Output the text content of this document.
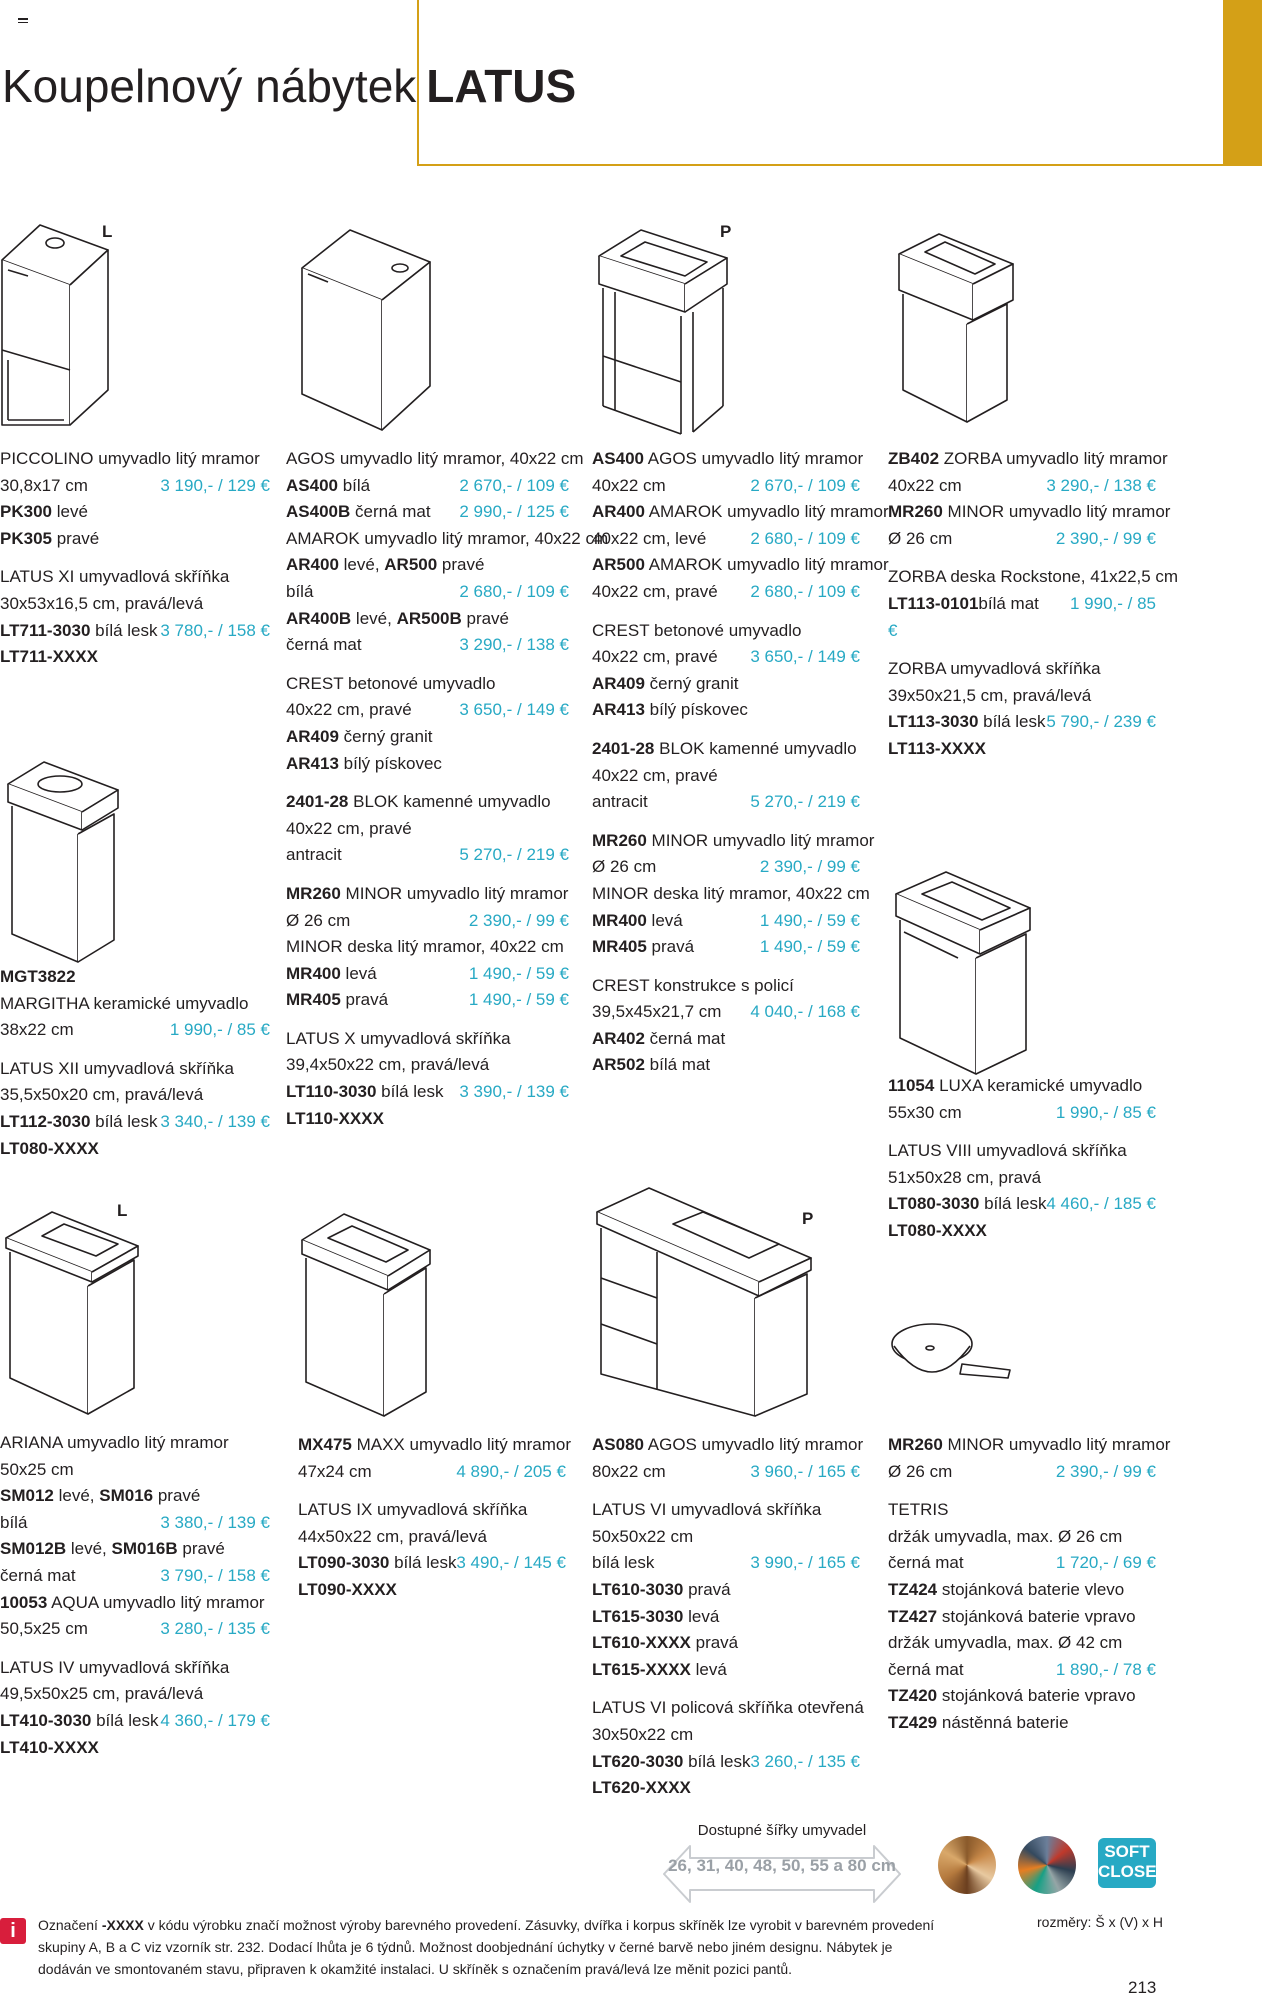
Koupelnový nábytek LATUS
L	P
L	P
PICCOLINO umyvadlo litý mramor
30,8x17 cm	3 190,- / 129 €
PK300 levé
PK305 pravé
LATUS XI umyvadlová skříňka
30x53x16,5 cm, pravá/levá
LT711-3030 bílá lesk 3 780,- / 158 €
LT711-XXXX
MGT3822
MARGITHA keramické umyvadlo
38x22 cm	1 990,- / 85 €
LATUS XII umyvadlová skříňka
35,5x50x20 cm, pravá/levá
LT112-3030 bílá lesk 3 340,- / 139 €
LT080-XXXX
AGOS umyvadlo litý mramor, 40x22 cm
AS400 bílá	2 670,- / 109 €
AS400B černá mat 2 990,- / 125 €
AMAROK umyvadlo litý mramor, 40x22 cm
AR400 levé, AR500 pravé
bílá	2 680,- / 109 €
AR400B levé, AR500B pravé
černá mat	3 290,- / 138 €
CREST betonové umyvadlo
40x22 cm, pravé	3 650,- / 149 €
AR409 černý granit
AR413 bílý pískovec
2401-28 BLOK kamenné umyvadlo
40x22 cm, pravé
antracit	5 270,- / 219 €
MR260 MINOR umyvadlo litý mramor
Ø 26 cm	2 390,- / 99 €
MINOR deska litý mramor, 40x22 cm
MR400 levá	1 490,- / 59 €
MR405 pravá	1 490,- / 59 €
LATUS X umyvadlová skříňka
39,4x50x22 cm, pravá/levá
LT110-3030 bílá lesk 3 390,- / 139 €
LT110-XXXX
AS400 AGOS umyvadlo litý mramor
40x22 cm	2 670,- / 109 €
AR400 AMAROK umyvadlo litý mramor
40x22 cm, levé	2 680,- / 109 €
AR500 AMAROK umyvadlo litý mramor
40x22 cm, pravé 2 680,- / 109 €
CREST betonové umyvadlo
40x22 cm, pravé 3 650,- / 149 €
AR409 černý granit
AR413 bílý pískovec
2401-28 BLOK kamenné umyvadlo
40x22 cm, pravé
antracit	5 270,- / 219 €
MR260 MINOR umyvadlo litý mramor
Ø 26 cm	2 390,- / 99 €
MINOR deska litý mramor, 40x22 cm
MR400 levá	1 490,- / 59 €
MR405 pravá	1 490,- / 59 €
CREST konstrukce s policí
39,5x45x21,7 cm 4 040,- / 168 €
AR402 černá mat
AR502 bílá mat
ZB402 ZORBA umyvadlo litý mramor
40x22 cm	3 290,- / 138 €
MR260 MINOR umyvadlo litý mramor
Ø 26 cm	2 390,- / 99 €
ZORBA deska Rockstone, 41x22,5 cm
LT113-0101bílá mat 1 990,- / 85
€
ZORBA umyvadlová skříňka
39x50x21,5 cm, pravá/levá
LT113-3030 bílá lesk 5 790,- / 239 €
LT113-XXXX
11054 LUXA keramické umyvadlo
55x30 cm	1 990,- / 85 €
LATUS VIII umyvadlová skříňka
51x50x28 cm, pravá
LT080-3030 bílá lesk 4 460,- / 185 €
LT080-XXXX
ARIANA umyvadlo litý mramor
50x25 cm
SM012 levé, SM016 pravé
bílá	3 380,- / 139 €
SM012B levé, SM016B pravé
černá mat	3 790,- / 158 €
10053 AQUA umyvadlo litý mramor
50,5x25 cm	3 280,- / 135 €
LATUS IV umyvadlová skříňka
49,5x50x25 cm, pravá/levá
LT410-3030 bílá lesk 4 360,- / 179 €
LT410-XXXX
MX475 MAXX umyvadlo litý mramor
47x24 cm	4 890,- / 205 €
LATUS IX umyvadlová skříňka
44x50x22 cm, pravá/levá
LT090-3030 bílá lesk 3 490,- / 145 €
LT090-XXXX
AS080 AGOS umyvadlo litý mramor
80x22 cm	3 960,- / 165 €
LATUS VI umyvadlová skříňka
50x50x22 cm
bílá lesk	3 990,- / 165 €
LT610-3030 pravá
LT615-3030 levá
LT610-XXXX pravá
LT615-XXXX levá
LATUS VI policová skříňka otevřená
30x50x22 cm
LT620-3030 bílá lesk 3 260,- / 135 €
LT620-XXXX
MR260 MINOR umyvadlo litý mramor
Ø 26 cm	2 390,- / 99 €
TETRIS
držák umyvadla, max. Ø 26 cm
černá mat	1 720,- / 69 €
TZ424 stojánková baterie vlevo
TZ427 stojánková baterie vpravo
držák umyvadla, max. Ø 42 cm
černá mat	1 890,- / 78 €
TZ420 stojánková baterie vpravo
TZ429 nástěnná baterie
Dostupné šířky umyvadel
26, 31, 40, 48, 50, 55 a 80 cm
SOFT
CLOSE
i	Označení -XXXX v kódu výrobku značí možnost výroby barevného provedení. Zásuvky, dvířka i korpus skříněk lze vyrobit v barevném provedení skupiny A, B a C viz vzorník str. 232. Dodací lhůta je 6 týdnů. Možnost doobjednání úchytky v černé barvě nebo jiném designu. Nábytek je dodáván ve smontovaném stavu, připraven k okamžité instalaci. U skříněk s označením pravá/levá lze měnit pozici pantů.
rozměry: Š x (V) x H
213
